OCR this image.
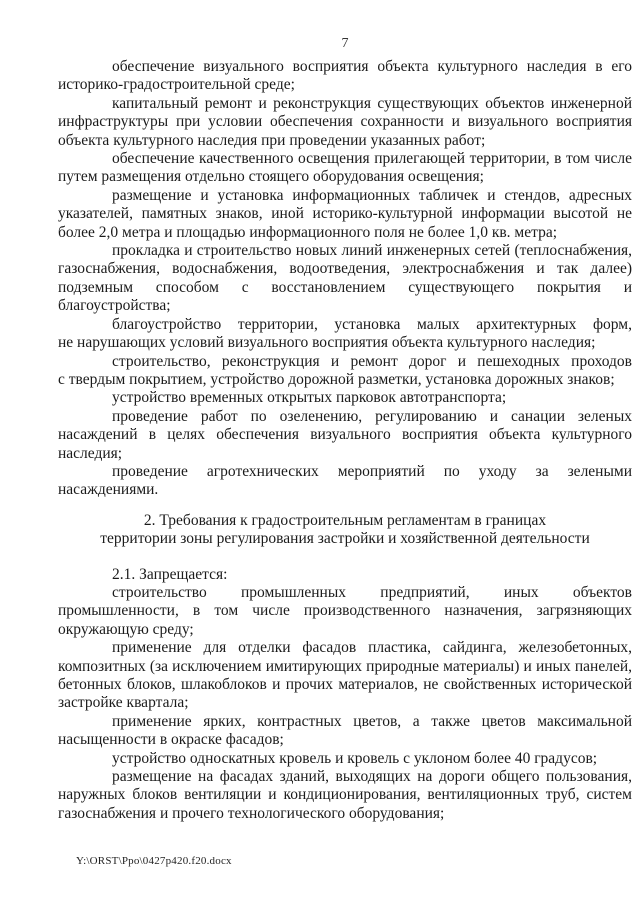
7

обеспечение визуального восприятия объекта культурного наследия в его историко-градостроительной среде;

капитальный ремонт и реконструкция существующих объектов инженерной инфраструктуры при условии обеспечения сохранности и визуального восприятия объекта культурного наследия при проведении указанных работ;

обеспечение качественного освещения прилегающей территории, в том числе путем размещения отдельно стоящего оборудования освещения;

размещение и установка информационных табличек и стендов, адресных указателей, памятных знаков, иной историко-культурной информации высотой не более 2,0 метра и площадью информационного поля не более 1,0 кв. метра;

прокладка и строительство новых линий инженерных сетей (теплоснабжения, газоснабжения, водоснабжения, водоотведения, электроснабжения и так далее) подземным способом с восстановлением существующего покрытия и благоустройства;

благоустройство территории, установка малых архитектурных форм, не нарушающих условий визуального восприятия объекта культурного наследия;

строительство, реконструкция и ремонт дорог и пешеходных проходов с твердым покрытием, устройство дорожной разметки, установка дорожных знаков;

устройство временных открытых парковок автотранспорта;

проведение работ по озеленению, регулированию и санации зеленых насаждений в целях обеспечения визуального восприятия объекта культурного наследия;

проведение агротехнических мероприятий по уходу за зелеными насаждениями.

2. Требования к градостроительным регламентам в границах
территории зоны регулирования застройки и хозяйственной деятельности

2.1. Запрещается:

строительство промышленных предприятий, иных объектов промышленности, в том числе производственного назначения, загрязняющих окружающую среду;

применение для отделки фасадов пластика, сайдинга, железобетонных, композитных (за исключением имитирующих природные материалы) и иных панелей, бетонных блоков, шлакоблоков и прочих материалов, не свойственных исторической застройке квартала;

применение ярких, контрастных цветов, а также цветов максимальной насыщенности в окраске фасадов;

устройство односкатных кровель и кровель с уклоном более 40 градусов;

размещение на фасадах зданий, выходящих на дороги общего пользования, наружных блоков вентиляции и кондиционирования, вентиляционных труб, систем газоснабжения и прочего технологического оборудования;

Y:\ORST\Ppo\0427p420.f20.docx
